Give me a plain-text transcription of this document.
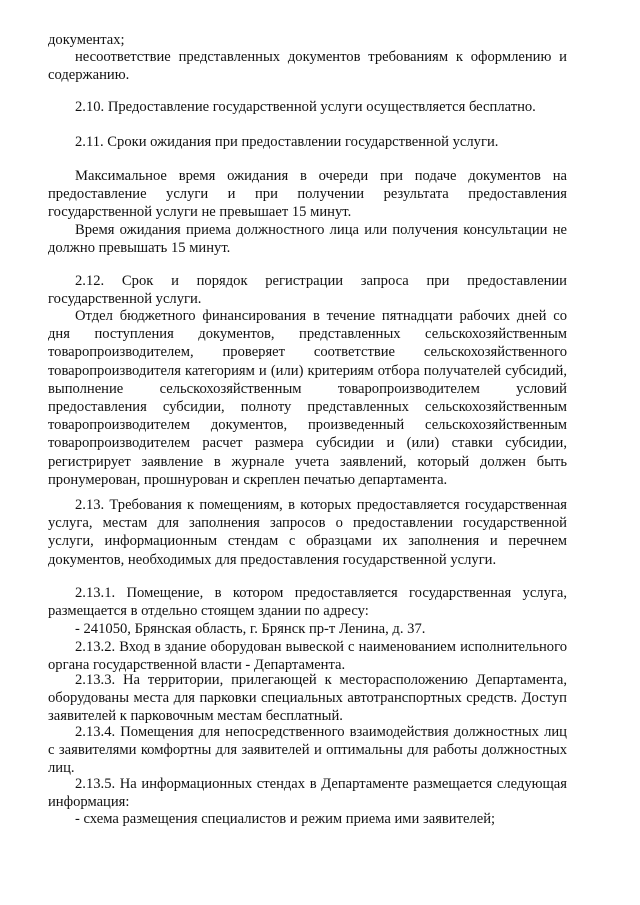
документах;

несоответствие представленных документов требованиям к оформлению и содержанию.

2.10. Предоставление государственной услуги осуществляется бесплатно.

2.11. Сроки ожидания при предоставлении государственной услуги.

Максимальное время ожидания в очереди при подаче документов на предоставление услуги и при получении результата предоставления государственной услуги не превышает 15 минут.

Время ожидания приема должностного лица или получения консультации не должно превышать 15 минут.

2.12. Срок и порядок регистрации запроса при предоставлении государственной услуги.

Отдел бюджетного финансирования в течение пятнадцати рабочих дней со дня поступления документов, представленных сельскохозяйственным товаропроизводителем, проверяет соответствие сельскохозяйственного товаропроизводителя категориям и (или) критериям отбора получателей субсидий, выполнение сельскохозяйственным товаропроизводителем условий предоставления субсидии, полноту представленных сельскохозяйственным товаропроизводителем документов, произведенный сельскохозяйственным товаропроизводителем расчет размера субсидии и (или) ставки субсидии, регистрирует заявление в журнале учета заявлений, который должен быть пронумерован, прошнурован и скреплен печатью департамента.

2.13. Требования к помещениям, в которых предоставляется государственная услуга, местам для заполнения запросов о предоставлении государственной услуги, информационным стендам с образцами их заполнения и перечнем документов, необходимых для предоставления государственной услуги.

2.13.1. Помещение, в котором предоставляется государственная услуга, размещается в отдельно стоящем здании по адресу:

- 241050, Брянская область, г. Брянск пр-т Ленина, д. 37.

2.13.2. Вход в здание оборудован вывеской с наименованием исполнительного органа государственной власти - Департамента.

2.13.3. На территории, прилегающей к месторасположению Департамента, оборудованы места для парковки специальных автотранспортных средств. Доступ заявителей к парковочным местам бесплатный.

2.13.4. Помещения для непосредственного взаимодействия должностных лиц с заявителями комфортны для заявителей и оптимальны для работы должностных лиц.

2.13.5. На информационных стендах в Департаменте размещается следующая информация:

- схема размещения специалистов и режим приема ими заявителей;
